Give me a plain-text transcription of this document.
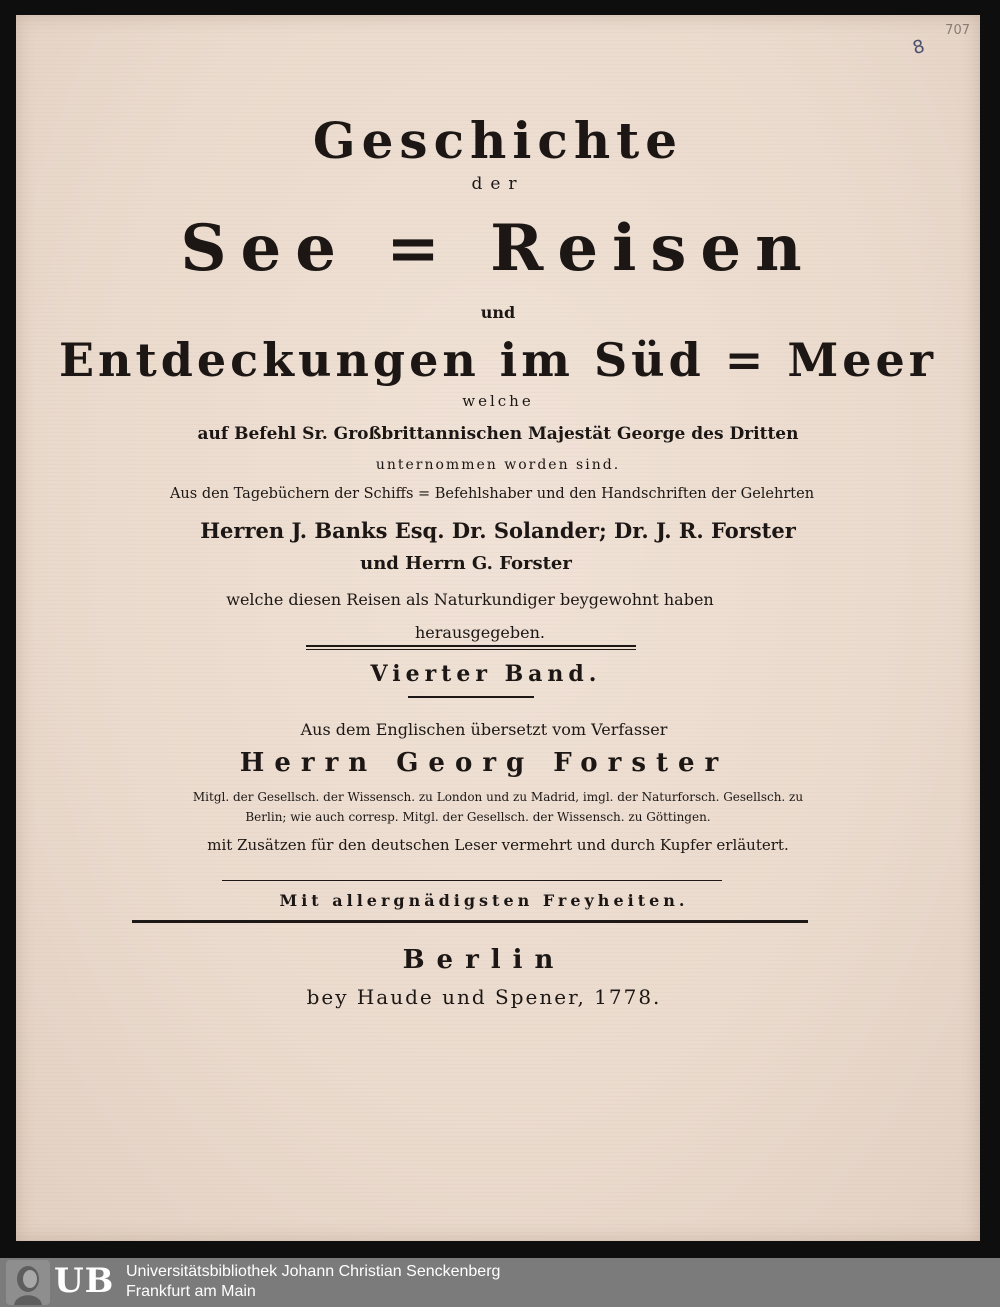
8
707
Geschichte
der
See = Reisen
und
Entdeckungen im Süd = Meer
welche
auf Befehl Sr. Großbrittannischen Majestät George des Dritten
unternommen worden sind.
Aus den Tagebüchern der Schiffs = Befehlshaber und den Handschriften der Gelehrten
Herren J. Banks Esq. Dr. Solander; Dr. J. R. Forster
und Herrn G. Forster
welche diesen Reisen als Naturkundiger beygewohnt haben
herausgegeben.
Vierter Band.
Aus dem Englischen übersetzt vom Verfasser
Herrn Georg Forster
Mitgl. der Gesellsch. der Wissensch. zu London und zu Madrid, imgl. der Naturforsch. Gesellsch. zu
Berlin; wie auch corresp. Mitgl. der Gesellsch. der Wissensch. zu Göttingen.
mit Zusätzen für den deutschen Leser vermehrt und durch Kupfer erläutert.
Mit allergnädigsten Freyheiten.
Berlin
bey Haude und Spener, 1778.
UB Universitätsbibliothek Johann Christian Senckenberg
Frankfurt am Main
